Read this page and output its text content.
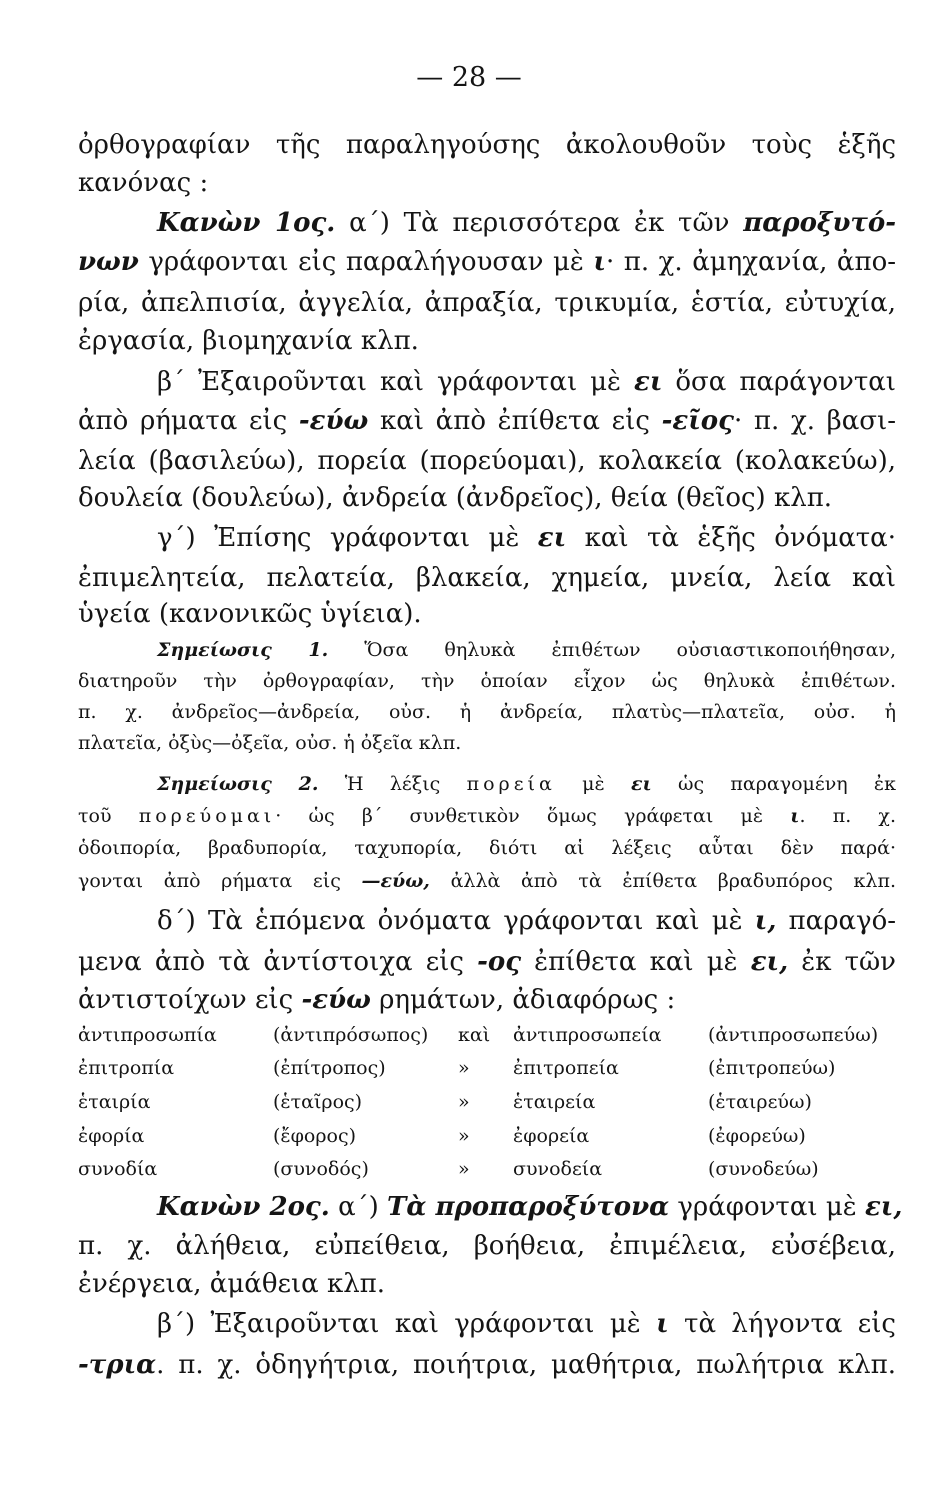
— 28 —
ὀρθογραφίαν τῆς παραληγούσης ἀκολουθοῦν τοὺς ἑξῆς
κανόνας :
Κανὼν 1ος. α΄) Τὰ περισσότερα ἐκ τῶν παροξυτό-
νων γράφονται εἰς παραλήγουσαν μὲ ι· π. χ. ἀμηχανία, ἀπο-
ρία, ἀπελπισία, ἀγγελία, ἀπραξία, τρικυμία, ἑστία, εὐτυχία,
ἐργασία, βιομηχανία κλπ.
β΄ Ἐξαιροῦνται καὶ γράφονται μὲ ει ὅσα παράγονται
ἀπὸ ρήματα εἰς -εύω καὶ ἀπὸ ἐπίθετα εἰς -εῖος· π. χ. βασι-
λεία (βασιλεύω), πορεία (πορεύομαι), κολακεία (κολακεύω),
δουλεία (δουλεύω), ἀνδρεία (ἀνδρεῖος), θεία (θεῖος) κλπ.
γ΄) Ἐπίσης γράφονται μὲ ει καὶ τὰ ἑξῆς ὀνόματα·
ἐπιμελητεία, πελατεία, βλακεία, χημεία, μνεία, λεία καὶ
ὑγεία (κανονικῶς ὑγίεια).
Σημείωσις 1. Ὅσα θηλυκὰ ἐπιθέτων οὐσιαστικοποιήθησαν,
διατηροῦν τὴν ὀρθογραφίαν, τὴν ὁποίαν εἶχον ὡς θηλυκὰ ἐπιθέτων.
π. χ. ἀνδρεῖος—ἀνδρεία, οὐσ. ἡ ἀνδρεία, πλατὺς—πλατεῖα, οὐσ. ἡ
πλατεῖα, ὀξὺς—ὀξεῖα, οὐσ. ἡ ὀξεῖα κλπ.
Σημείωσις 2. Ἡ λέξις πορεία μὲ ει ὡς παραγομένη ἐκ
τοῦ πορεύομαι· ὡς β΄ συνθετικὸν ὅμως γράφεται μὲ ι. π. χ.
ὁδοιπορία, βραδυπορία, ταχυπορία, διότι αἱ λέξεις αὗται δὲν παρά·
γονται ἀπὸ ρήματα εἰς —εύω, ἀλλὰ ἀπὸ τὰ ἐπίθετα βραδυπόρος κλπ.
δ΄) Τὰ ἑπόμενα ὀνόματα γράφονται καὶ μὲ ι, παραγό-
μενα ἀπὸ τὰ ἀντίστοιχα εἰς -ος ἐπίθετα καὶ μὲ ει, ἐκ τῶν
ἀντιστοίχων εἰς -εύω ρημάτων, ἀδιαφόρως :
ἀντιπροσωπία	(ἀντιπρόσωπος) καὶ ἀντιπροσωπεία (ἀντιπροσωπεύω)
ἐπιτροπία	(ἐπίτροπος)	» ἐπιτροπεία	(ἐπιτροπεύω)
ἑταιρία	(ἑταῖρος)	» ἑταιρεία	(ἑταιρεύω)
ἐφορία	(ἔφορος)	» ἐφορεία	(ἐφορεύω)
συνοδία	(συνοδός)	» συνοδεία	(συνοδεύω)
Κανὼν 2ος. α΄) Τὰ προπαροξύτονα γράφονται μὲ ει,
π. χ. ἀλήθεια, εὐπείθεια, βοήθεια, ἐπιμέλεια, εὐσέβεια,
ἐνέργεια, ἀμάθεια κλπ.
β΄) Ἐξαιροῦνται καὶ γράφονται μὲ ι τὰ λήγοντα εἰς
-τρια. π. χ. ὁδηγήτρια, ποιήτρια, μαθήτρια, πωλήτρια κλπ.
